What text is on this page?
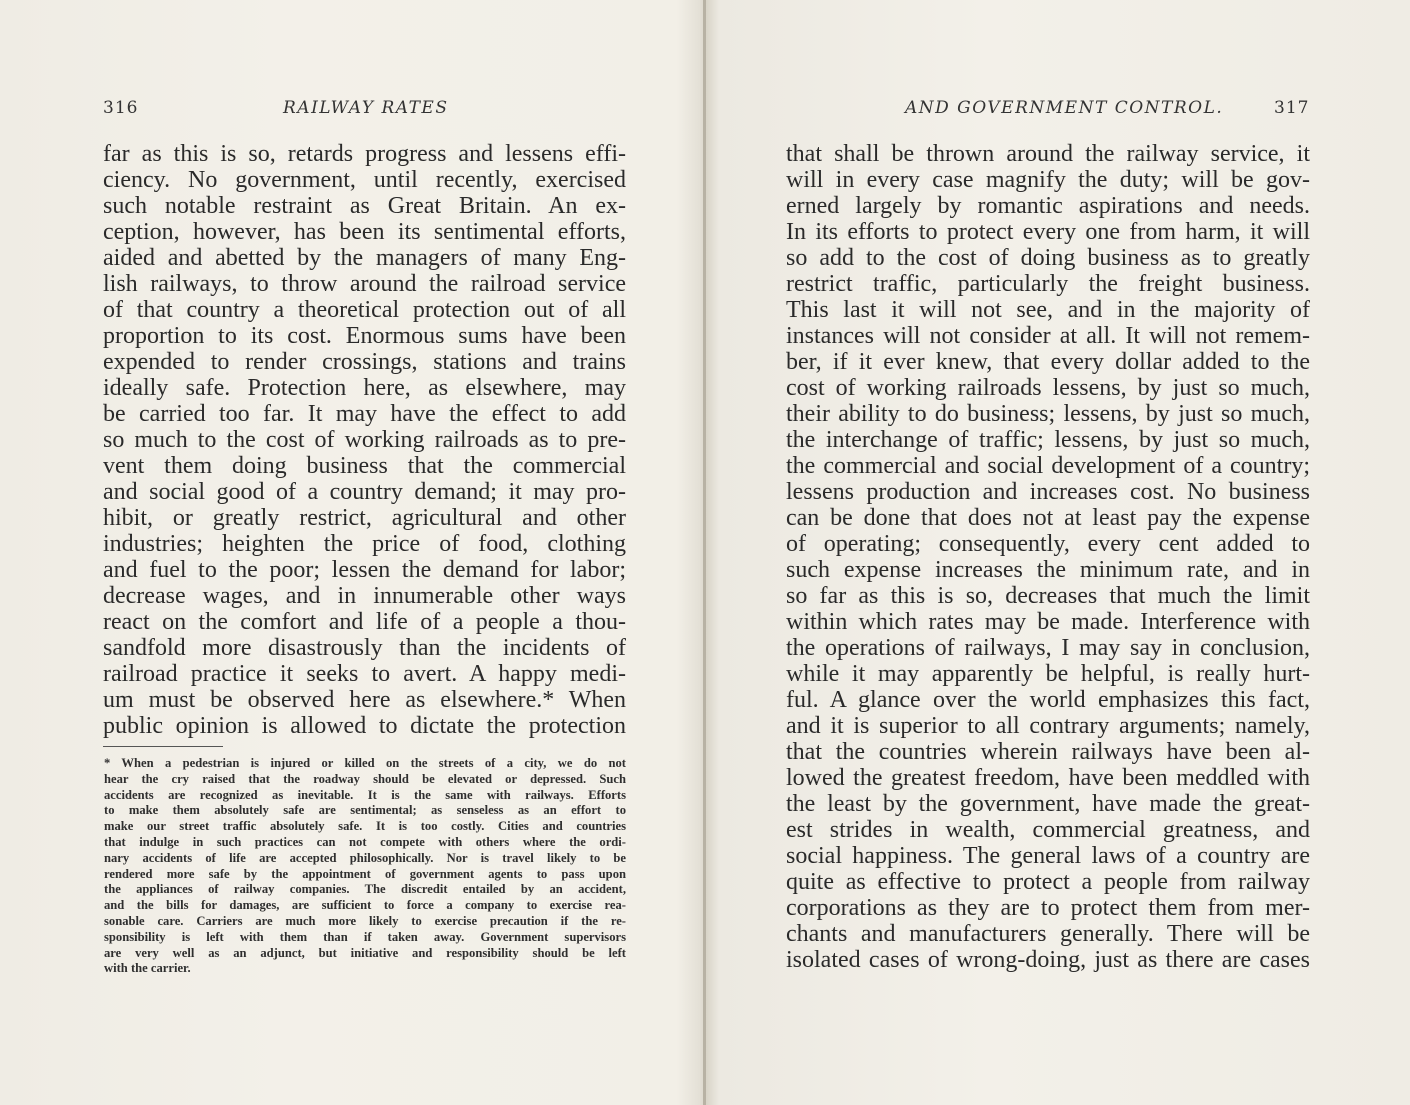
316	RAILWAY RATES
far as this is so, retards progress and lessens effi-
ciency. No government, until recently, exercised
such notable restraint as Great Britain. An ex-
ception, however, has been its sentimental efforts,
aided and abetted by the managers of many Eng-
lish railways, to throw around the railroad service
of that country a theoretical protection out of all
proportion to its cost. Enormous sums have been
expended to render crossings, stations and trains
ideally safe. Protection here, as elsewhere, may
be carried too far. It may have the effect to add
so much to the cost of working railroads as to pre-
vent them doing business that the commercial
and social good of a country demand; it may pro-
hibit, or greatly restrict, agricultural and other
industries; heighten the price of food, clothing
and fuel to the poor; lessen the demand for labor;
decrease wages, and in innumerable other ways
react on the comfort and life of a people a thou-
sandfold more disastrously than the incidents of
railroad practice it seeks to avert. A happy medi-
um must be observed here as elsewhere.* When
public opinion is allowed to dictate the protection
* When a pedestrian is injured or killed on the streets of a city, we do not
hear the cry raised that the roadway should be elevated or depressed. Such
accidents are recognized as inevitable. It is the same with railways. Efforts
to make them absolutely safe are sentimental; as senseless as an effort to
make our street traffic absolutely safe. It is too costly. Cities and countries
that indulge in such practices can not compete with others where the ordi-
nary accidents of life are accepted philosophically. Nor is travel likely to be
rendered more safe by the appointment of government agents to pass upon
the appliances of railway companies. The discredit entailed by an accident,
and the bills for damages, are sufficient to force a company to exercise rea-
sonable care. Carriers are much more likely to exercise precaution if the re-
sponsibility is left with them than if taken away. Government supervisors
are very well as an adjunct, but initiative and responsibility should be left
with the carrier.
AND GOVERNMENT CONTROL.	317
that shall be thrown around the railway service, it
will in every case magnify the duty; will be gov-
erned largely by romantic aspirations and needs.
In its efforts to protect every one from harm, it will
so add to the cost of doing business as to greatly
restrict traffic, particularly the freight business.
This last it will not see, and in the majority of
instances will not consider at all. It will not remem-
ber, if it ever knew, that every dollar added to the
cost of working railroads lessens, by just so much,
their ability to do business; lessens, by just so much,
the interchange of traffic; lessens, by just so much,
the commercial and social development of a country;
lessens production and increases cost. No business
can be done that does not at least pay the expense
of operating; consequently, every cent added to
such expense increases the minimum rate, and in
so far as this is so, decreases that much the limit
within which rates may be made. Interference with
the operations of railways, I may say in conclusion,
while it may apparently be helpful, is really hurt-
ful. A glance over the world emphasizes this fact,
and it is superior to all contrary arguments; namely,
that the countries wherein railways have been al-
lowed the greatest freedom, have been meddled with
the least by the government, have made the great-
est strides in wealth, commercial greatness, and
social happiness. The general laws of a country are
quite as effective to protect a people from railway
corporations as they are to protect them from mer-
chants and manufacturers generally. There will be
isolated cases of wrong-doing, just as there are cases
